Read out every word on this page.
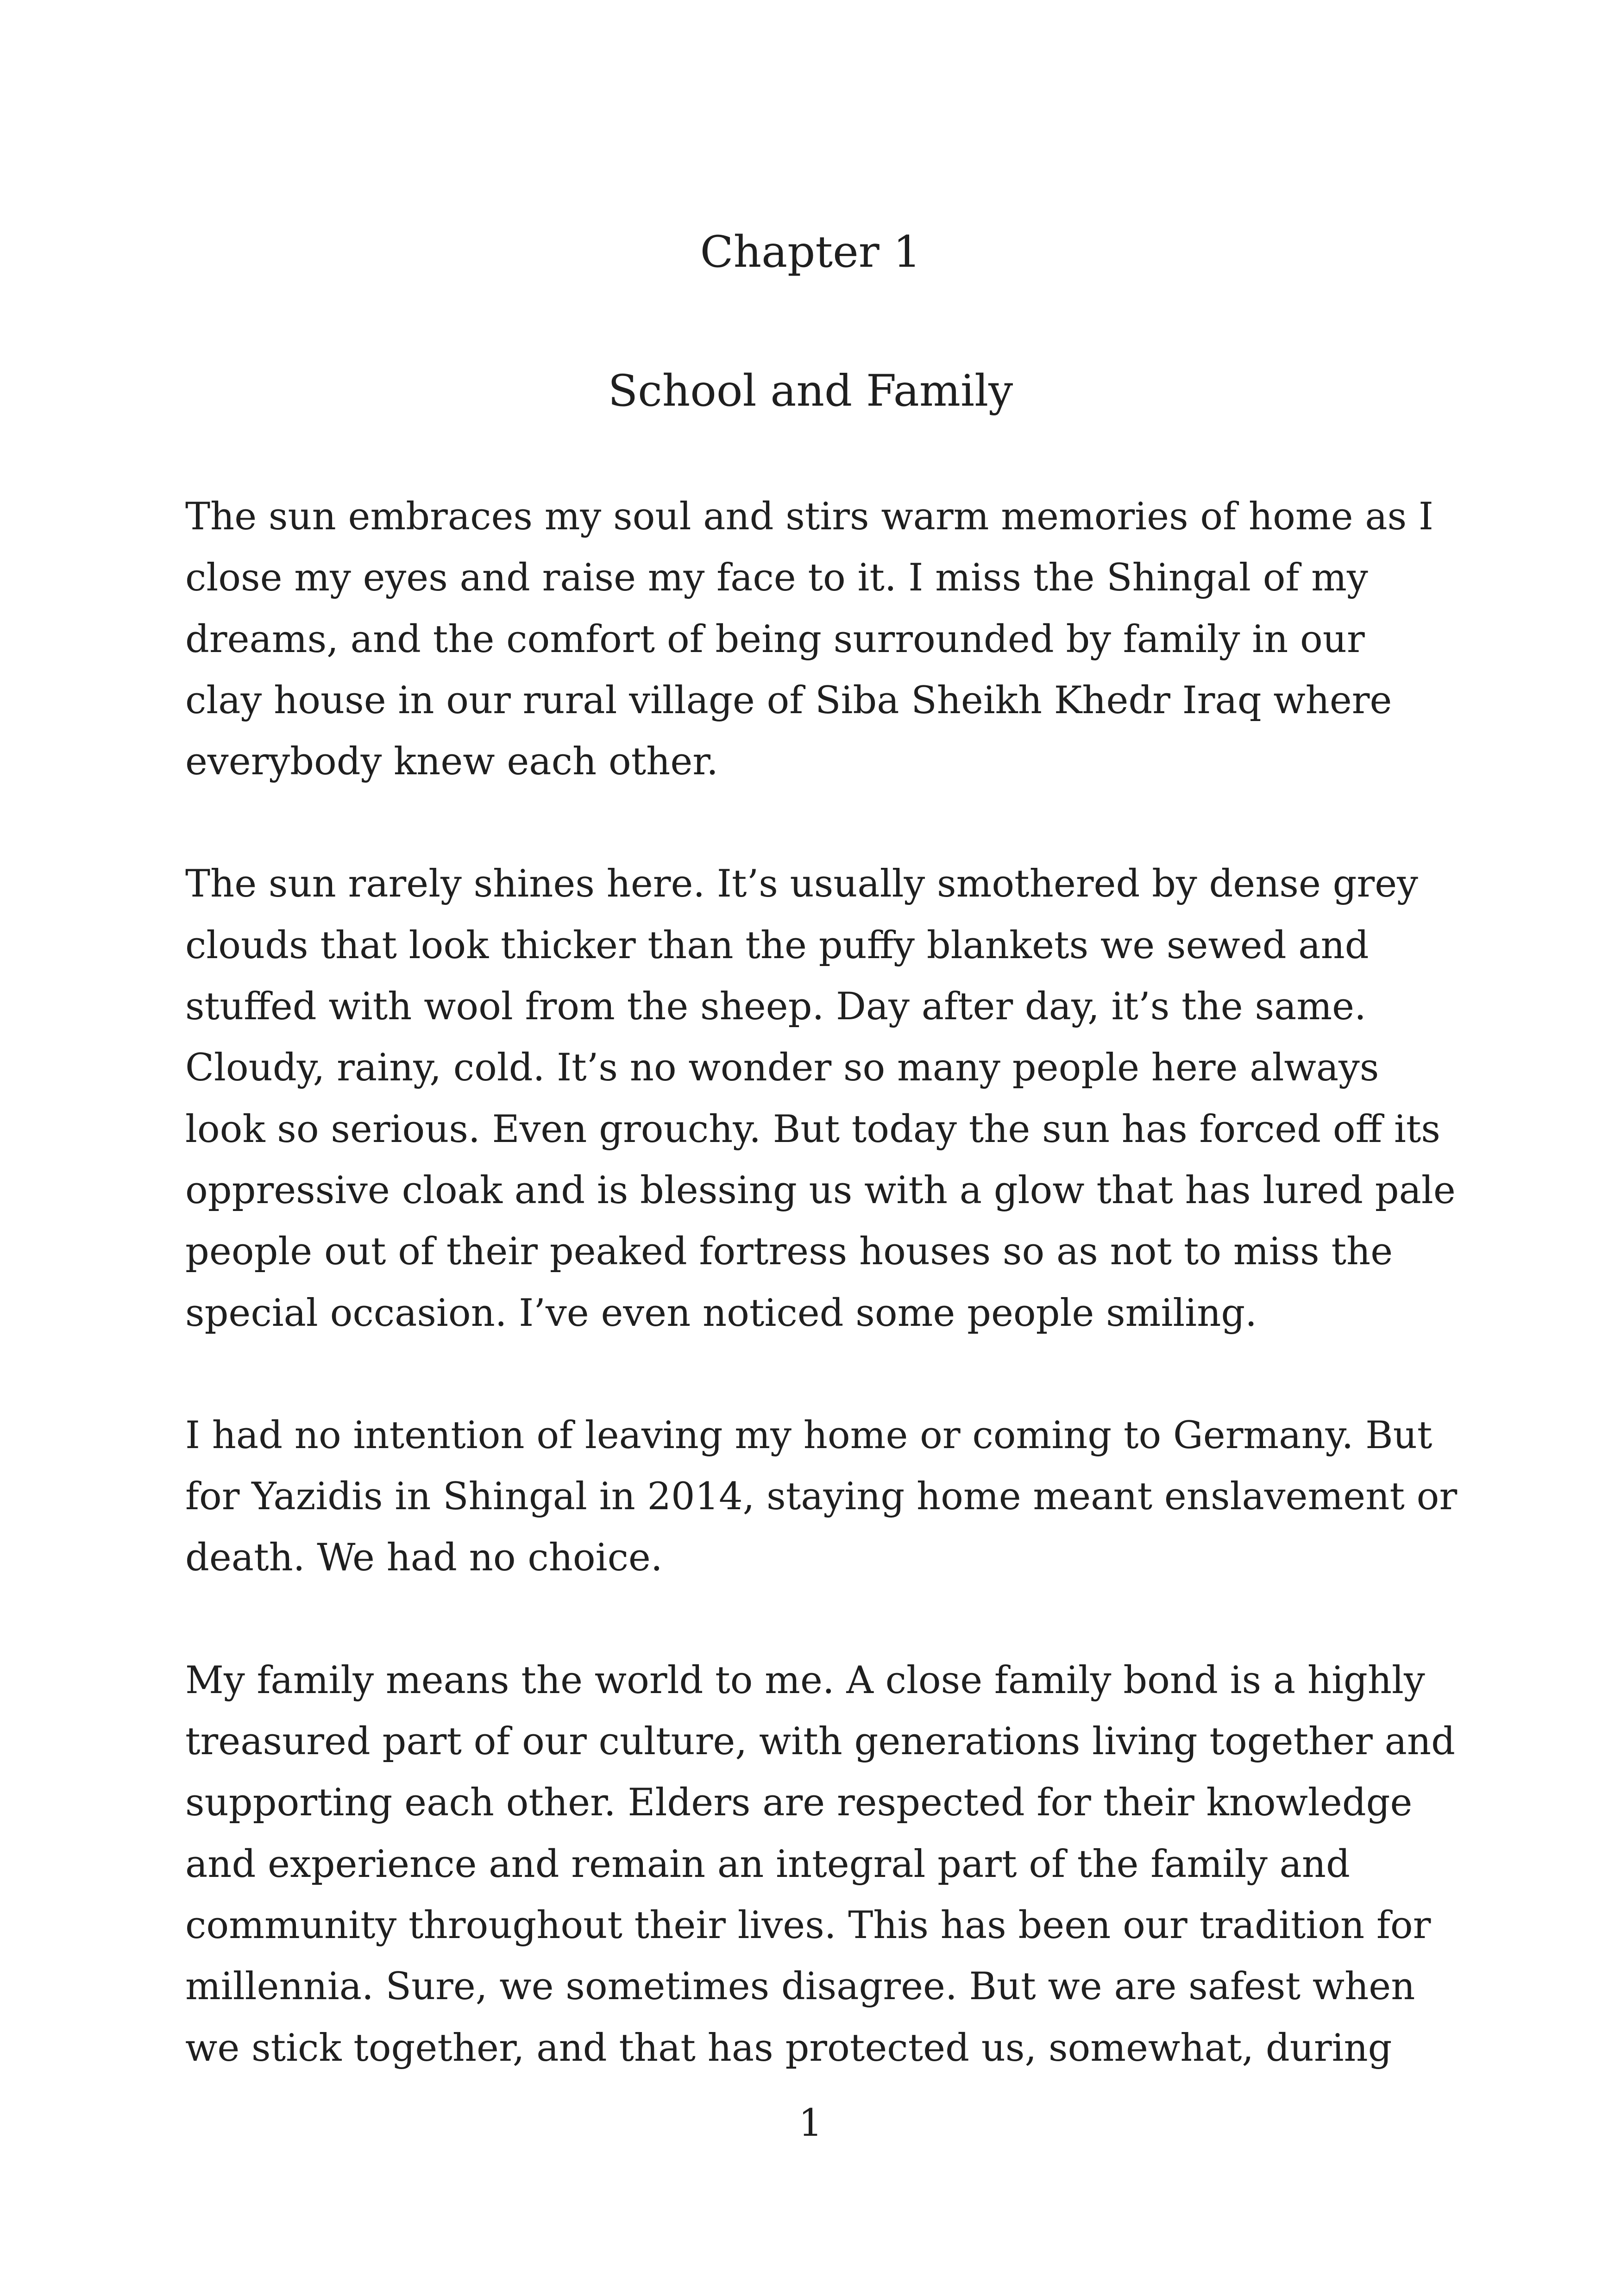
Chapter 1
School and Family

The sun embraces my soul and stirs warm memories of home as I
close my eyes and raise my face to it. I miss the Shingal of my
dreams, and the comfort of being surrounded by family in our
clay house in our rural village of Siba Sheikh Khedr Iraq where
everybody knew each other.

The sun rarely shines here. It’s usually smothered by dense grey
clouds that look thicker than the puffy blankets we sewed and
stuffed with wool from the sheep. Day after day, it’s the same.
Cloudy, rainy, cold. It’s no wonder so many people here always
look so serious. Even grouchy. But today the sun has forced off its
oppressive cloak and is blessing us with a glow that has lured pale
people out of their peaked fortress houses so as not to miss the
special occasion. I’ve even noticed some people smiling.

I had no intention of leaving my home or coming to Germany. But
for Yazidis in Shingal in 2014, staying home meant enslavement or
death. We had no choice.

My family means the world to me. A close family bond is a highly
treasured part of our culture, with generations living together and
supporting each other. Elders are respected for their knowledge
and experience and remain an integral part of the family and
community throughout their lives. This has been our tradition for
millennia. Sure, we sometimes disagree. But we are safest when
we stick together, and that has protected us, somewhat, during

1
